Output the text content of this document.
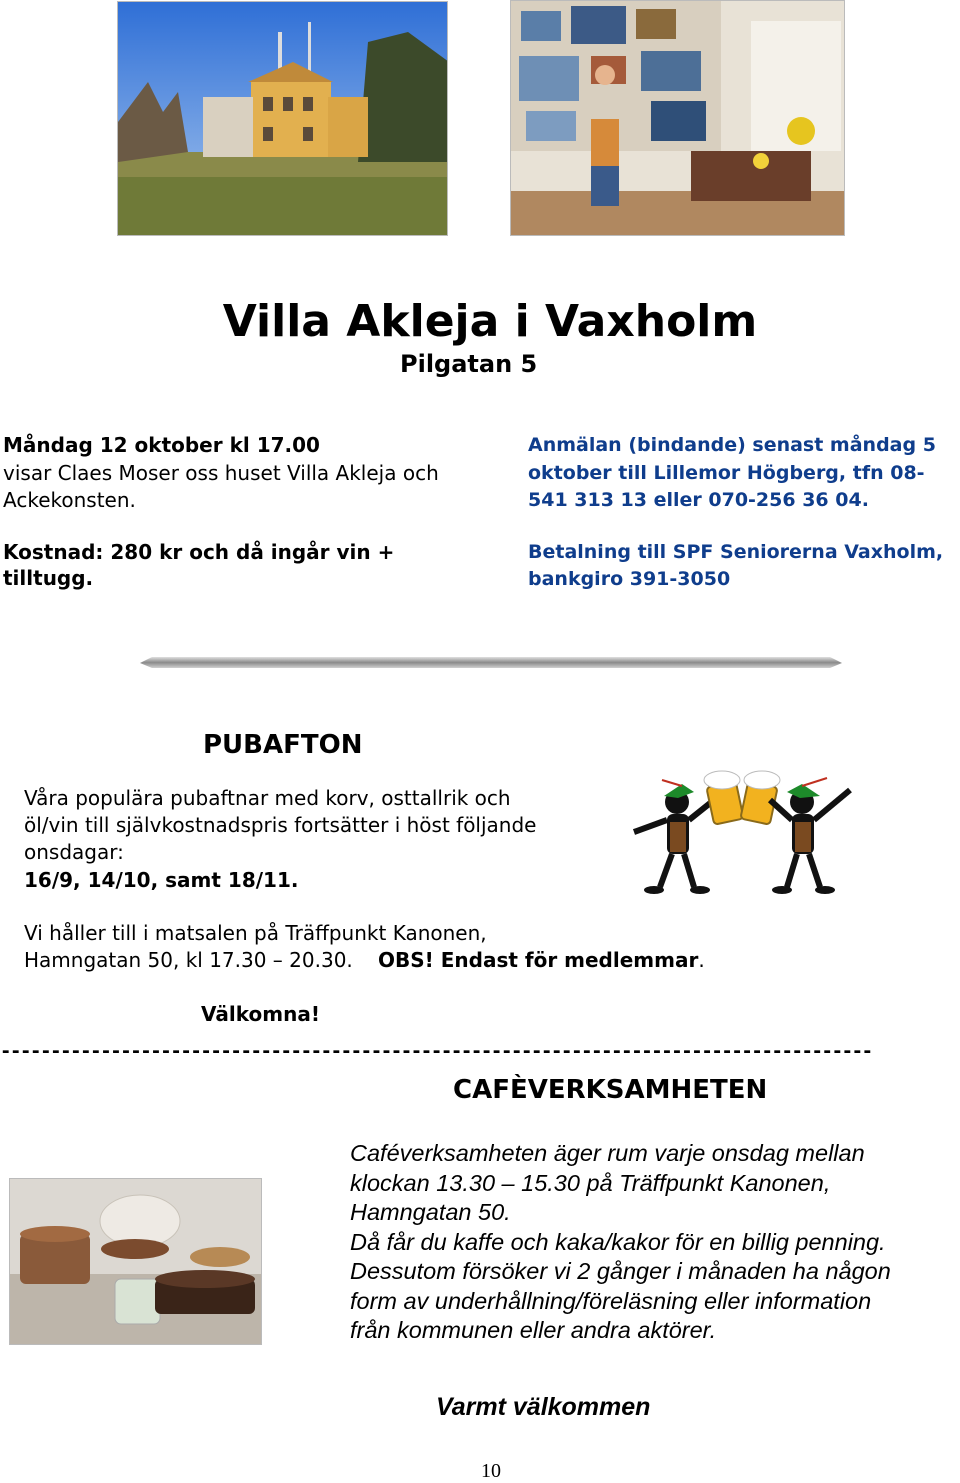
Villa Akleja i Vaxholm
Pilgatan 5
Måndag 12 oktober kl 17.00
visar Claes Moser oss huset Villa Akleja och
Ackekonsten.
Kostnad: 280 kr och då ingår vin +
tilltugg.
Anmälan (bindande) senast måndag 5
oktober till Lillemor Högberg, tfn 08-
541 313 13 eller 070-256 36 04.
Betalning till SPF Seniorerna Vaxholm,
bankgiro 391-3050
PUBAFTON
Våra populära pubaftnar med korv, osttallrik och
öl/vin till självkostnadspris fortsätter i höst följande
onsdagar:
16/9, 14/10, samt 18/11.
Vi håller till i matsalen på Träffpunkt Kanonen,
Hamngatan 50, kl 17.30 – 20.30. OBS! Endast för medlemmar.
Välkomna!
---------------------------------------------------------------------------------------
CAFÈVERKSAMHETEN
Caféverksamheten äger rum varje onsdag mellan
klockan 13.30 – 15.30 på Träffpunkt Kanonen,
Hamngatan 50.
Då får du kaffe och kaka/kakor för en billig penning.
Dessutom försöker vi 2 gånger i månaden ha någon
form av underhållning/föreläsning eller information
från kommunen eller andra aktörer.
Varmt välkommen
10
